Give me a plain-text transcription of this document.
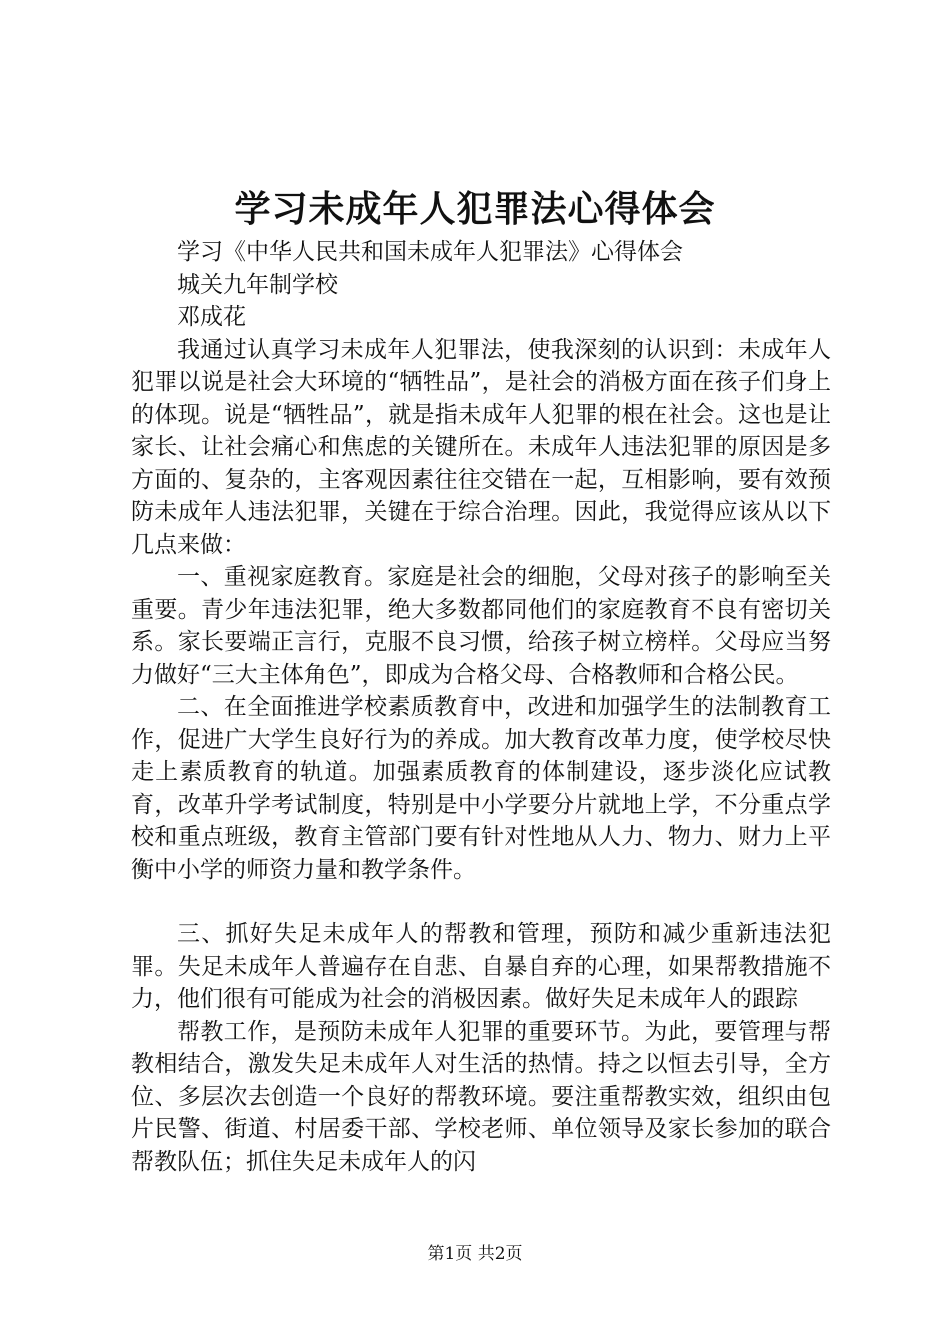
学习未成年人犯罪法心得体会

学习《中华人民共和国未成年人犯罪法》心得体会

城关九年制学校

邓成花

我通过认真学习未成年人犯罪法，使我深刻的认识到：未成年人犯罪以说是社会大环境的“牺牲品”，是社会的消极方面在孩子们身上的体现。说是“牺牲品”，就是指未成年人犯罪的根在社会。这也是让家长、让社会痛心和焦虑的关键所在。未成年人违法犯罪的原因是多方面的、复杂的，主客观因素往往交错在一起，互相影响，要有效预防未成年人违法犯罪，关键在于综合治理。因此，我觉得应该从以下几点来做：

一、重视家庭教育。家庭是社会的细胞，父母对孩子的影响至关重要。青少年违法犯罪，绝大多数都同他们的家庭教育不良有密切关系。家长要端正言行，克服不良习惯，给孩子树立榜样。父母应当努力做好“三大主体角色”，即成为合格父母、合格教师和合格公民。

二、在全面推进学校素质教育中，改进和加强学生的法制教育工作，促进广大学生良好行为的养成。加大教育改革力度，使学校尽快走上素质教育的轨道。加强素质教育的体制建设，逐步淡化应试教育，改革升学考试制度，特别是中小学要分片就地上学，不分重点学校和重点班级，教育主管部门要有针对性地从人力、物力、财力上平衡中小学的师资力量和教学条件。

三、抓好失足未成年人的帮教和管理，预防和减少重新违法犯罪。失足未成年人普遍存在自悲、自暴自弃的心理，如果帮教措施不力，他们很有可能成为社会的消极因素。做好失足未成年人的跟踪

帮教工作，是预防未成年人犯罪的重要环节。为此，要管理与帮教相结合，激发失足未成年人对生活的热情。持之以恒去引导，全方位、多层次去创造一个良好的帮教环境。要注重帮教实效，组织由包片民警、街道、村居委干部、学校老师、单位领导及家长参加的联合帮教队伍；抓住失足未成年人的闪

第1页 共2页
